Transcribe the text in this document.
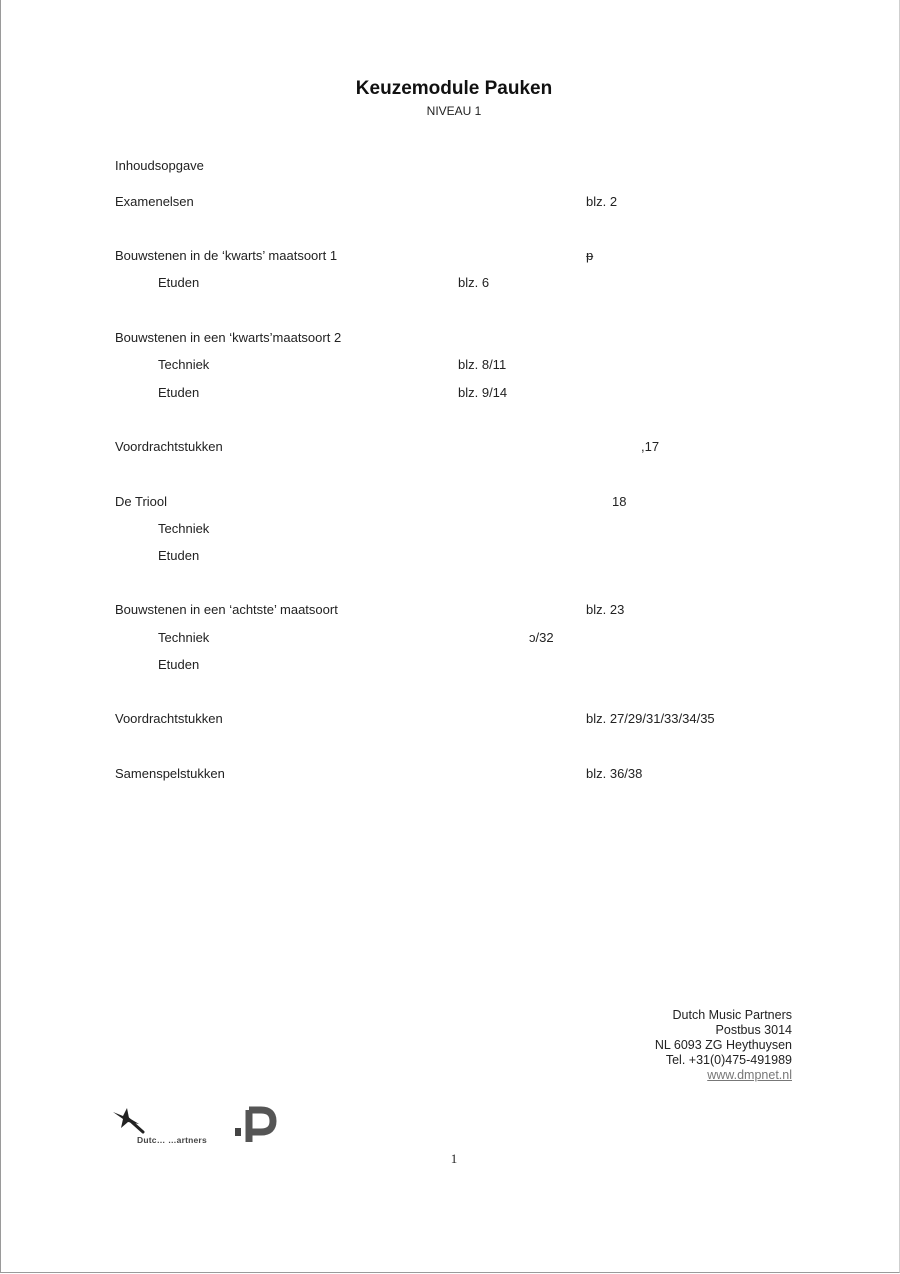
Keuzemodule Pauken
NIVEAU 1
Inhoudsopgave
Examenelsen	blz. 2
Bouwstenen in de ‘kwarts’ maatsoort 1	ᵽ
Etuden	blz. 6
Bouwstenen in een ‘kwarts’maatsoort 2
Techniek	blz. 8/11
Etuden	blz. 9/14
Voordrachtstukken	,17
De Triool	18
Techniek
Etuden
Bouwstenen in een ‘achtste’ maatsoort	blz. 23
Techniek	ɔ/32
Etuden
Voordrachtstukken	blz. 27/29/31/33/34/35
Samenspelstukken	blz. 36/38
Dutch Music Partners
Postbus 3014
NL 6093 ZG Heythuysen
Tel. +31(0)475-491989
www.dmpnet.nl
Dutc… …artners
1
